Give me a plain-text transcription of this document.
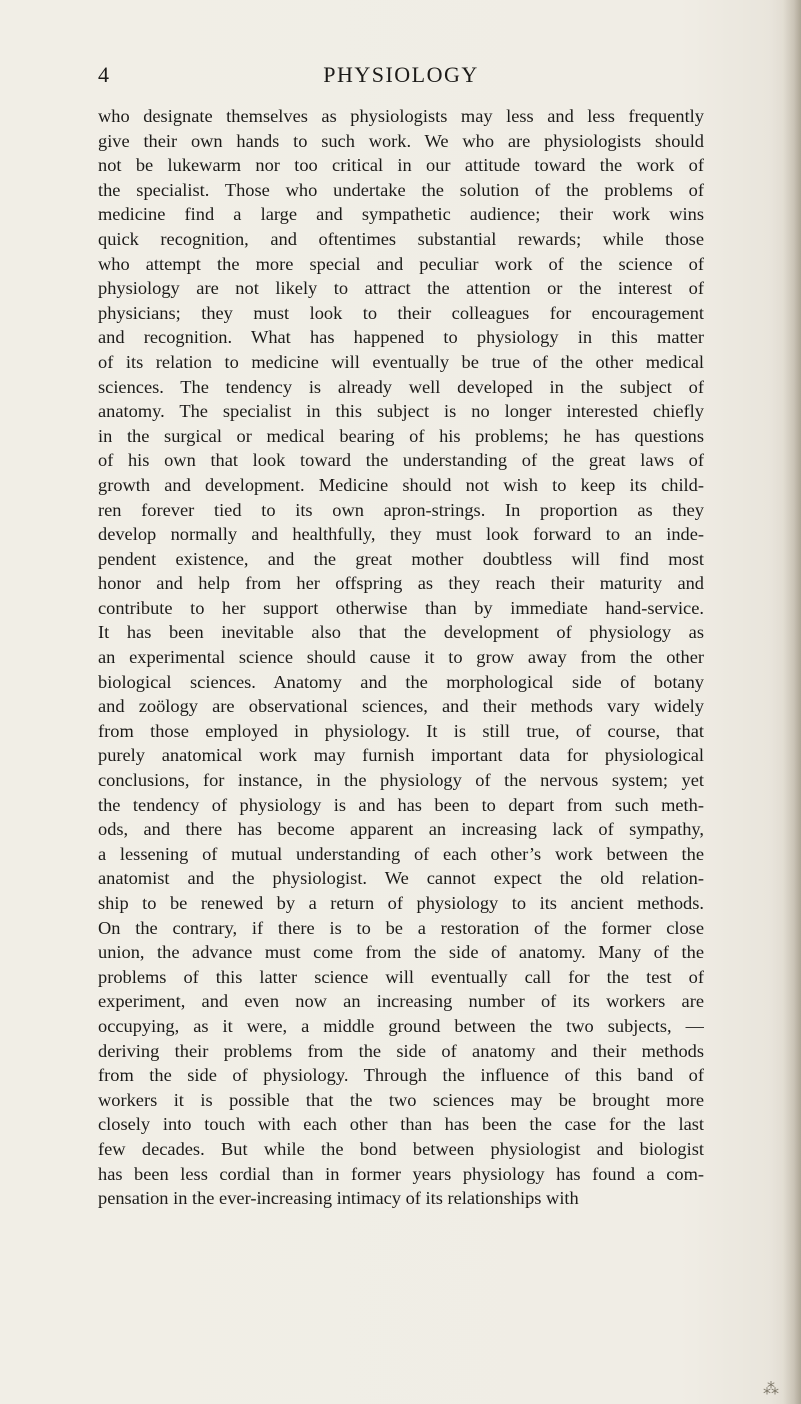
4	PHYSIOLOGY
who designate themselves as physiologists may less and less frequently
give their own hands to such work. We who are physiologists should
not be lukewarm nor too critical in our attitude toward the work of
the specialist. Those who undertake the solution of the problems of
medicine find a large and sympathetic audience; their work wins
quick recognition, and oftentimes substantial rewards; while those
who attempt the more special and peculiar work of the science of
physiology are not likely to attract the attention or the interest of
physicians; they must look to their colleagues for encouragement
and recognition. What has happened to physiology in this matter
of its relation to medicine will eventually be true of the other medical
sciences. The tendency is already well developed in the subject of
anatomy. The specialist in this subject is no longer interested chiefly
in the surgical or medical bearing of his problems; he has questions
of his own that look toward the understanding of the great laws of
growth and development. Medicine should not wish to keep its child-
ren forever tied to its own apron-strings. In proportion as they
develop normally and healthfully, they must look forward to an inde-
pendent existence, and the great mother doubtless will find most
honor and help from her offspring as they reach their maturity and
contribute to her support otherwise than by immediate hand-service.
It has been inevitable also that the development of physiology as
an experimental science should cause it to grow away from the other
biological sciences. Anatomy and the morphological side of botany
and zoölogy are observational sciences, and their methods vary widely
from those employed in physiology. It is still true, of course, that
purely anatomical work may furnish important data for physiological
conclusions, for instance, in the physiology of the nervous system; yet
the tendency of physiology is and has been to depart from such meth-
ods, and there has become apparent an increasing lack of sympathy,
a lessening of mutual understanding of each other’s work between the
anatomist and the physiologist. We cannot expect the old relation-
ship to be renewed by a return of physiology to its ancient methods.
On the contrary, if there is to be a restoration of the former close
union, the advance must come from the side of anatomy. Many of the
problems of this latter science will eventually call for the test of
experiment, and even now an increasing number of its workers are
occupying, as it were, a middle ground between the two subjects, —
deriving their problems from the side of anatomy and their methods
from the side of physiology. Through the influence of this band of
workers it is possible that the two sciences may be brought more
closely into touch with each other than has been the case for the last
few decades. But while the bond between physiologist and biologist
has been less cordial than in former years physiology has found a com-
pensation in the ever-increasing intimacy of its relationships with
⁂
